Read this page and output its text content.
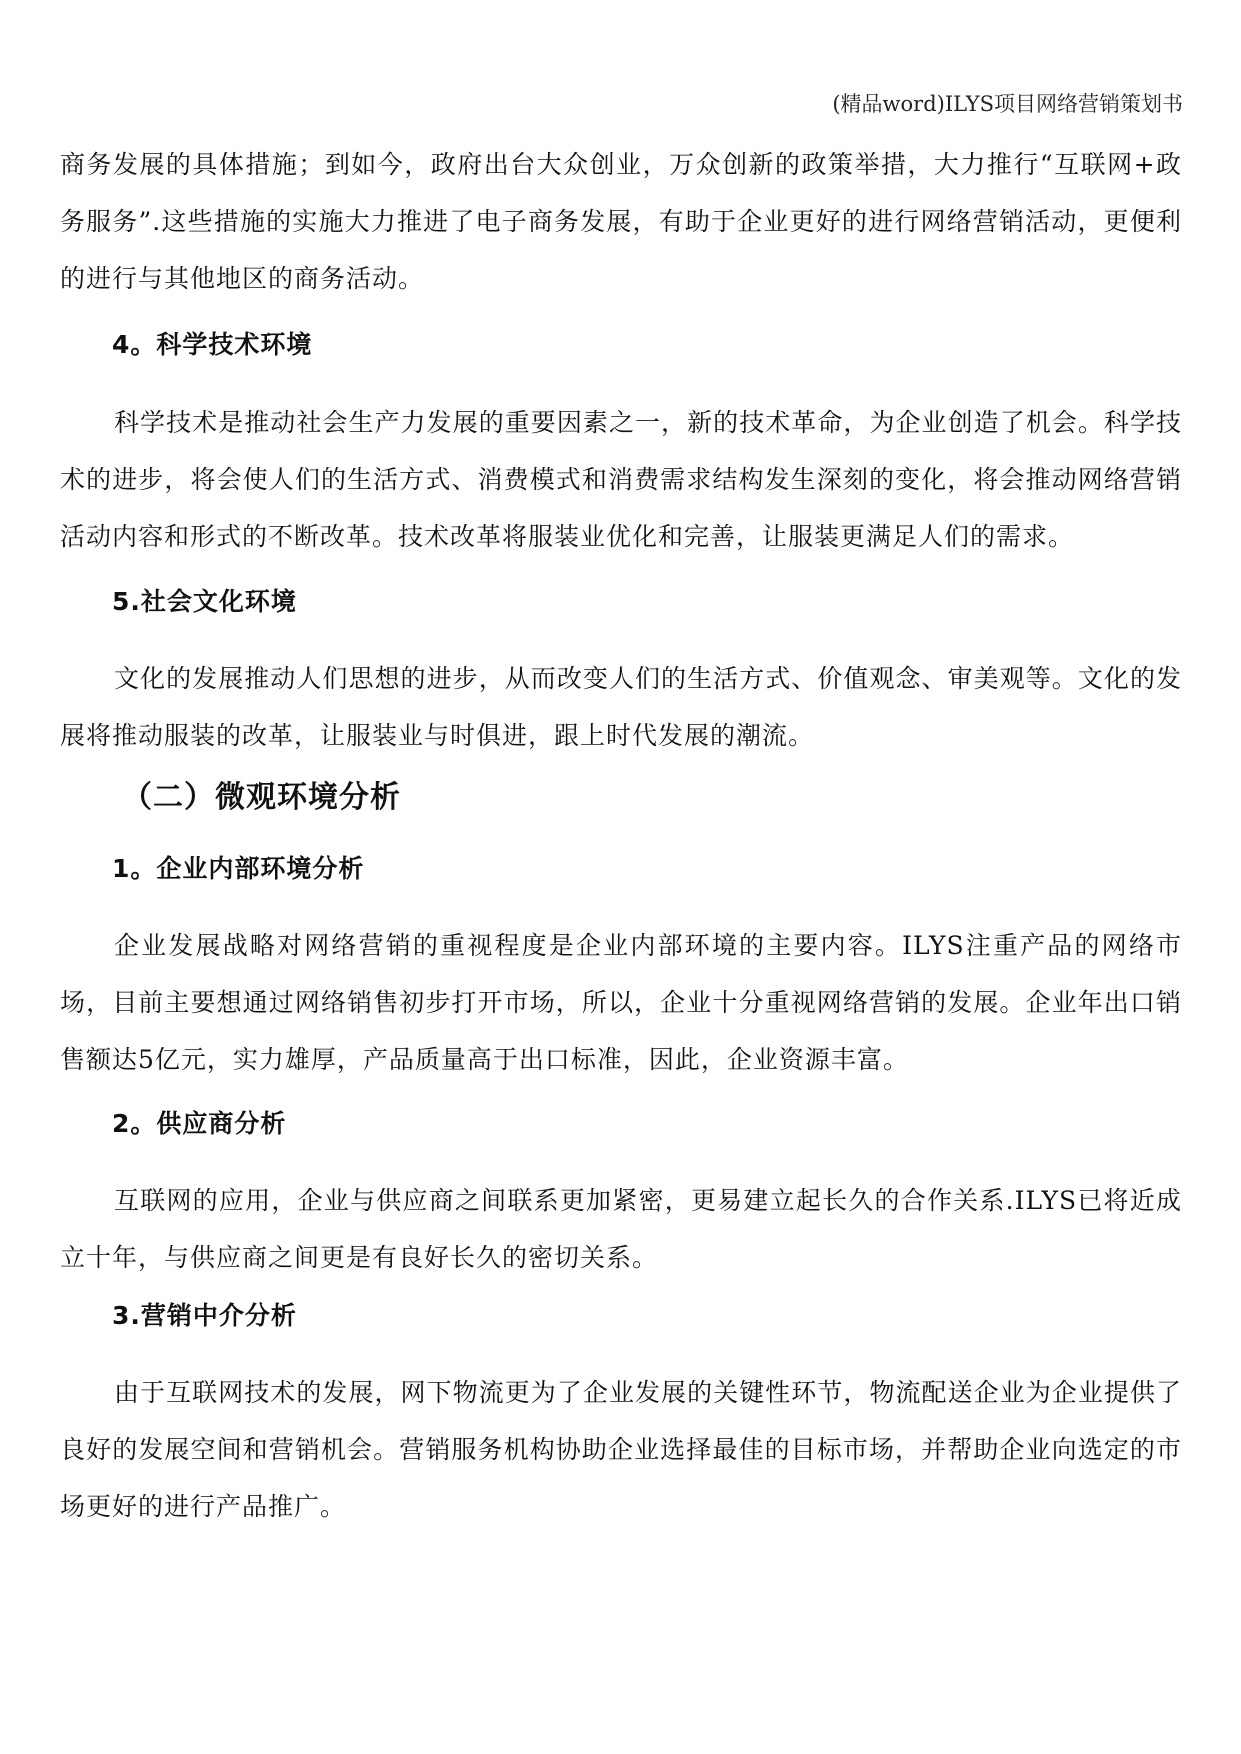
(精品word)ILYS项目网络营销策划书

商务发展的具体措施；到如今，政府出台大众创业，万众创新的政策举措，大力推行“互联网+政务服务”.这些措施的实施大力推进了电子商务发展，有助于企业更好的进行网络营销活动，更便利的进行与其他地区的商务活动。

4。科学技术环境

科学技术是推动社会生产力发展的重要因素之一，新的技术革命，为企业创造了机会。科学技术的进步，将会使人们的生活方式、消费模式和消费需求结构发生深刻的变化，将会推动网络营销活动内容和形式的不断改革。技术改革将服装业优化和完善，让服装更满足人们的需求。

5.社会文化环境

文化的发展推动人们思想的进步，从而改变人们的生活方式、价值观念、审美观等。文化的发展将推动服装的改革，让服装业与时俱进，跟上时代发展的潮流。

（二）微观环境分析

1。企业内部环境分析

企业发展战略对网络营销的重视程度是企业内部环境的主要内容。ILYS注重产品的网络市场，目前主要想通过网络销售初步打开市场，所以，企业十分重视网络营销的发展。企业年出口销售额达5亿元，实力雄厚，产品质量高于出口标准，因此，企业资源丰富。

2。供应商分析

互联网的应用，企业与供应商之间联系更加紧密，更易建立起长久的合作关系.ILYS已将近成立十年，与供应商之间更是有良好长久的密切关系。

3.营销中介分析

由于互联网技术的发展，网下物流更为了企业发展的关键性环节，物流配送企业为企业提供了良好的发展空间和营销机会。营销服务机构协助企业选择最佳的目标市场，并帮助企业向选定的市场更好的进行产品推广。
